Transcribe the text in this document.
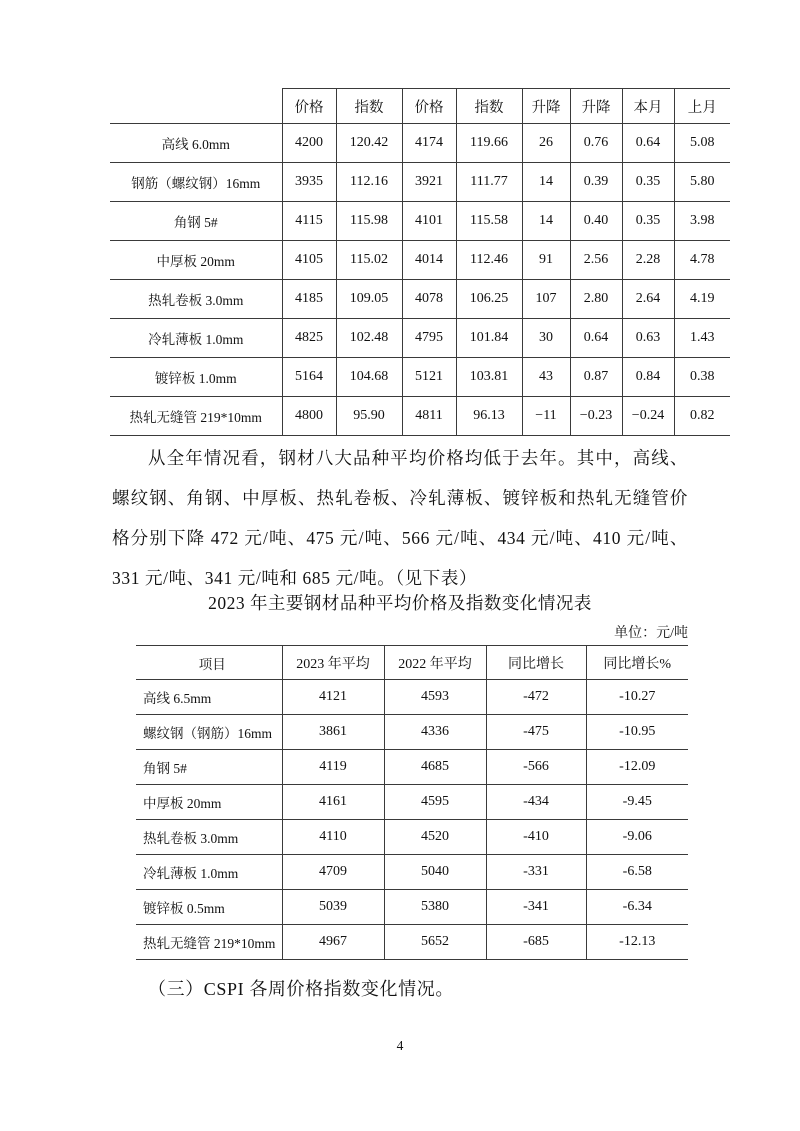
	价格	指数	价格	指数	升降	升降	本月	上月
高线 6.0mm	4200	120.42	4174	119.66	26	0.76	0.64	5.08
钢筋（螺纹钢）16mm	3935	112.16	3921	111.77	14	0.39	0.35	5.80
角钢 5#	4115	115.98	4101	115.58	14	0.40	0.35	3.98
中厚板 20mm	4105	115.02	4014	112.46	91	2.56	2.28	4.78
热轧卷板 3.0mm	4185	109.05	4078	106.25	107	2.80	2.64	4.19
冷轧薄板 1.0mm	4825	102.48	4795	101.84	30	0.64	0.63	1.43
镀锌板 1.0mm	5164	104.68	5121	103.81	43	0.87	0.84	0.38
热轧无缝管 219*10mm	4800	95.90	4811	96.13	−11	−0.23	−0.24	0.82

从全年情况看，钢材八大品种平均价格均低于去年。其中，高线、螺纹钢、角钢、中厚板、热轧卷板、冷轧薄板、镀锌板和热轧无缝管价格分别下降 472 元/吨、475 元/吨、566 元/吨、434 元/吨、410 元/吨、331 元/吨、341 元/吨和 685 元/吨。（见下表）

2023 年主要钢材品种平均价格及指数变化情况表
单位：元/吨
项目	2023 年平均	2022 年平均	同比增长	同比增长%
高线 6.5mm	4121	4593	-472	-10.27
螺纹钢（钢筋）16mm	3861	4336	-475	-10.95
角钢 5#	4119	4685	-566	-12.09
中厚板 20mm	4161	4595	-434	-9.45
热轧卷板 3.0mm	4110	4520	-410	-9.06
冷轧薄板 1.0mm	4709	5040	-331	-6.58
镀锌板 0.5mm	5039	5380	-341	-6.34
热轧无缝管 219*10mm	4967	5652	-685	-12.13
（三）CSPI 各周价格指数变化情况。
4
